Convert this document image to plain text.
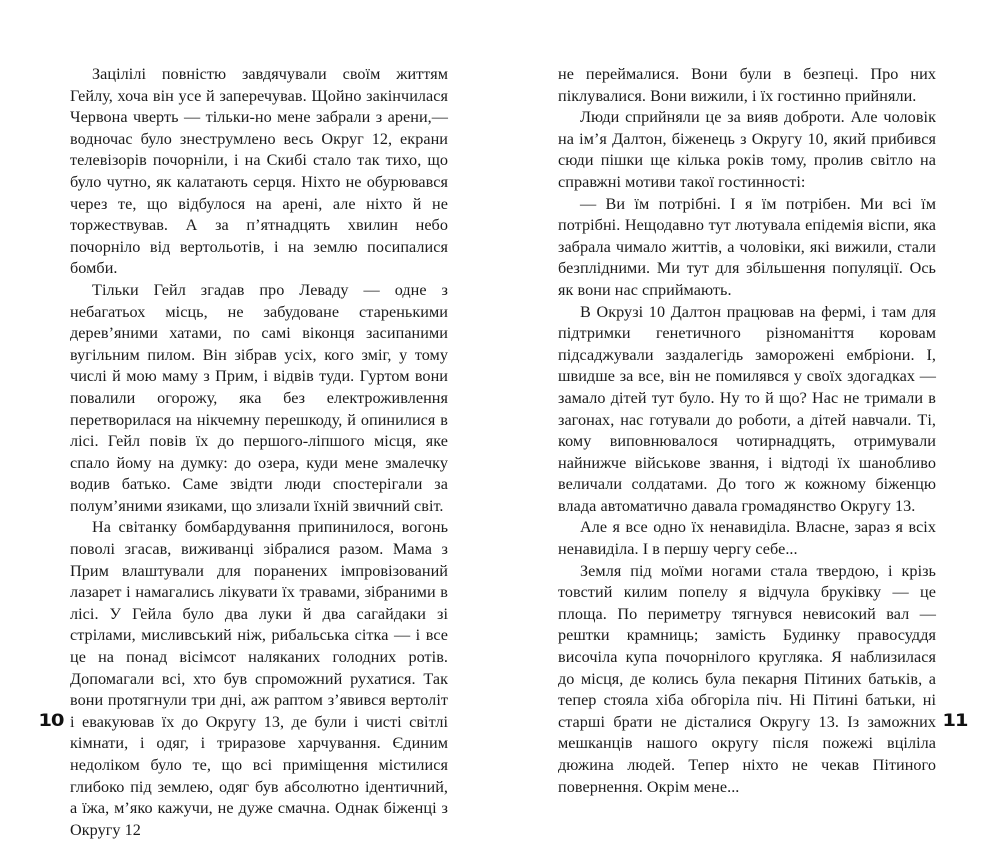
Зацілілі повністю завдячували своїм життям Гейлу, хоча він усе й заперечував. Щойно закінчилася Червона чверть — тільки-но мене забрали з арени,— водночас було знеструмлено весь Округ 12, екрани телевізорів почорніли, і на Скибі стало так тихо, що було чутно, як калатають серця. Ніхто не обурювався через те, що відбулося на арені, але ніхто й не торжествував. А за п’ятнадцять хвилин небо почорніло від вертольотів, і на землю посипалися бомби.

Тільки Гейл згадав про Леваду — одне з небагатьох місць, не забудоване старенькими дерев’яними хатами, по самі віконця засипаними вугільним пилом. Він зібрав усіх, кого зміг, у тому числі й мою маму з Прим, і відвів туди. Гуртом вони повалили огорожу, яка без електроживлення перетворилася на нікчемну перешкоду, й опинилися в лісі. Гейл повів їх до першого-ліпшого місця, яке спало йому на думку: до озера, куди мене змалечку водив батько. Саме звідти люди спостерігали за полум’яними язиками, що злизали їхній звичний світ.

На світанку бомбардування припинилося, вогонь поволі згасав, виживанці зібралися разом. Мама з Прим влаштували для поранених імпровізований лазарет і намагались лікувати їх травами, зібраними в лісі. У Гейла було два луки й два сагайдаки зі стрілами, мисливський ніж, рибальська сітка — і все це на понад вісімсот наляканих голодних ротів. Допомагали всі, хто був спроможний рухатися. Так вони протягнули три дні, аж раптом з’явився вертоліт і евакуював їх до Округу 13, де були і чисті світлі кімнати, і одяг, і триразове харчування. Єдиним недоліком було те, що всі приміщення містилися глибоко під землею, одяг був абсолютно ідентичний, а їжа, м’яко кажучи, не дуже смачна. Однак біженці з Округу 12

не переймалися. Вони були в безпеці. Про них піклувалися. Вони вижили, і їх гостинно прийняли.

Люди сприйняли це за вияв доброти. Але чоловік на ім’я Далтон, біженець з Округу 10, який прибився сюди пішки ще кілька років тому, пролив світло на справжні мотиви такої гостинності:

— Ви їм потрібні. І я їм потрібен. Ми всі їм потрібні. Нещодавно тут лютувала епідемія віспи, яка забрала чимало життів, а чоловіки, які вижили, стали безплідними. Ми тут для збільшення популяції. Ось як вони нас сприймають.

В Окрузі 10 Далтон працював на фермі, і там для підтримки генетичного різноманіття коровам підсаджували заздалегідь заморожені ембріони. І, швидше за все, він не помилявся у своїх здогадках — замало дітей тут було. Ну то й що? Нас не тримали в загонах, нас готували до роботи, а дітей навчали. Ті, кому виповнювалося чотирнадцять, отримували найнижче військове звання, і відтоді їх шанобливо величали солдатами. До того ж кожному біженцю влада автоматично давала громадянство Округу 13.

Але я все одно їх ненавиділа. Власне, зараз я всіх ненавиділа. І в першу чергу себе...

Земля під моїми ногами стала твердою, і крізь товстий килим попелу я відчула бруківку — це площа. По периметру тягнувся невисокий вал — рештки крамниць; замість Будинку правосуддя височіла купа почорнілого кругляка. Я наблизилася до місця, де колись була пекарня Пітиних батьків, а тепер стояла хіба обгоріла піч. Ні Пітині батьки, ні старші брати не дісталися Округу 13. Із заможних мешканців нашого округу після пожежі вціліла дюжина людей. Тепер ніхто не чекав Пітиного повернення. Окрім мене...

10	11
